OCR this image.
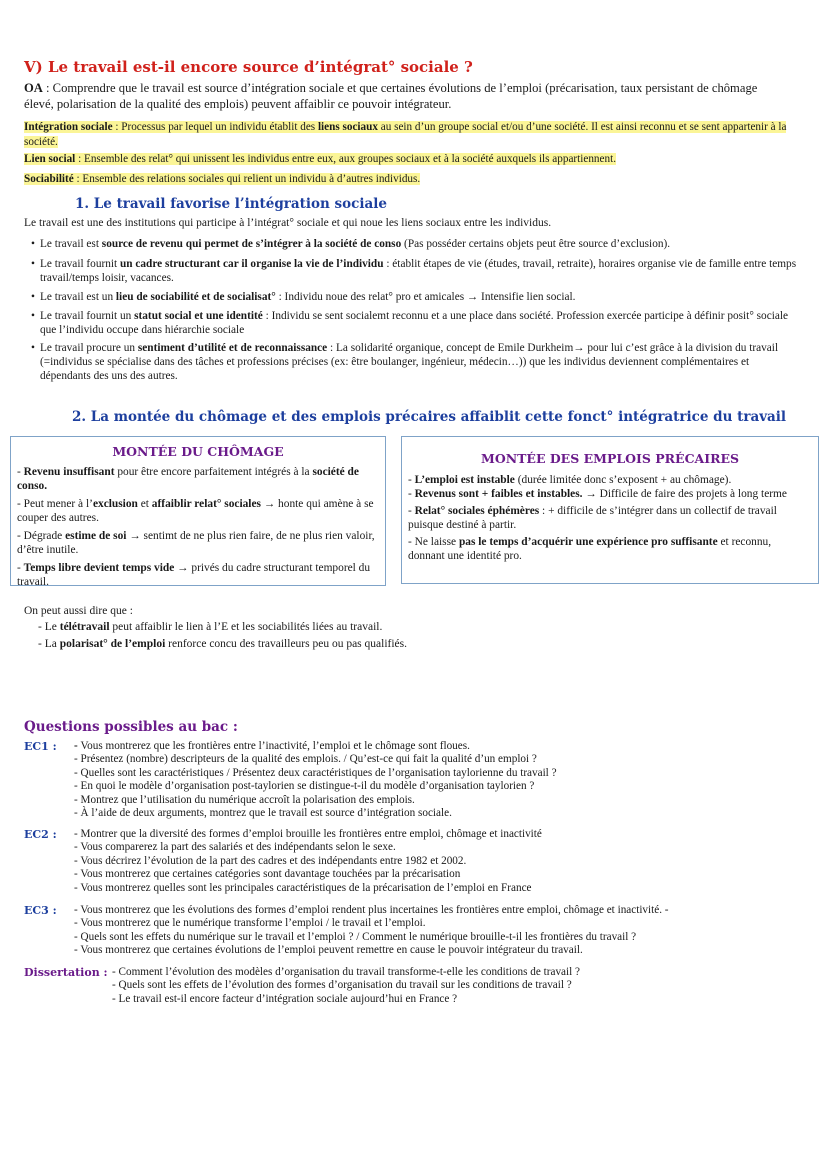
V) Le travail est-il encore source d’intégrat° sociale ?
OA : Comprendre que le travail est source d’intégration sociale et que certaines évolutions de l’emploi (précarisation, taux persistant de chômage élevé, polarisation de la qualité des emplois) peuvent affaiblir ce pouvoir intégrateur.
Intégration sociale : Processus par lequel un individu établit des liens sociaux au sein d’un groupe social et/ou d’une société. Il est ainsi reconnu et se sent appartenir à la société.
Lien social : Ensemble des relat° qui unissent les individus entre eux, aux groupes sociaux et à la société auxquels ils appartiennent.
Sociabilité : Ensemble des relations sociales qui relient un individu à d’autres individus.
1. Le travail favorise l’intégration sociale
Le travail est une des institutions qui participe à l’intégrat° sociale et qui noue les liens sociaux entre les individus.
• Le travail est source de revenu qui permet de s’intégrer à la société de conso (Pas posséder certains objets peut être source d’exclusion).
• Le travail fournit un cadre structurant car il organise la vie de l’individu : établit étapes de vie (études, travail, retraite), horaires organise vie de famille entre temps travail/temps loisir, vacances.
• Le travail est un lieu de sociabilité et de socialisat° : Individu noue des relat° pro et amicales → Intensifie lien social.
• Le travail fournit un statut social et une identité : Individu se sent socialemt reconnu et a une place dans société. Profession exercée participe à définir posit° sociale que l’individu occupe dans hiérarchie sociale
• Le travail procure un sentiment d’utilité et de reconnaissance : La solidarité organique, concept de Emile Durkheim→ pour lui c’est grâce à la division du travail (=individus se spécialise dans des tâches et professions précises (ex: être boulanger, ingénieur, médecin…)) que les individus deviennent complémentaires et dépendants des uns des autres.
2. La montée du chômage et des emplois précaires affaiblit cette fonct° intégratrice du travail
MONTÉE DU CHÔMAGE
- Revenu insuffisant pour être encore parfaitement intégrés à la société de conso.
- Peut mener à l’exclusion et affaiblir relat° sociales → honte qui amène à se couper des autres.
- Dégrade estime de soi → sentimt de ne plus rien faire, de ne plus rien valoir, d’être inutile.
- Temps libre devient temps vide → privés du cadre structurant temporel du travail.
MONTÉE DES EMPLOIS PRÉCAIRES
- L’emploi est instable (durée limitée donc s’exposent + au chômage).
- Revenus sont + faibles et instables. → Difficile de faire des projets à long terme
- Relat° sociales éphémères : + difficile de s’intégrer dans un collectif de travail puisque destiné à partir.
- Ne laisse pas le temps d’acquérir une expérience pro suffisante et reconnu, donnant une identité pro.
On peut aussi dire que :
- Le télétravail peut affaiblir le lien à l’E et les sociabilités liées au travail.
- La polarisat° de l’emploi renforce concu des travailleurs peu ou pas qualifiés.
Questions possibles au bac :
EC1 : - Vous montrerez que les frontières entre l’inactivité, l’emploi et le chômage sont floues.
- Présentez (nombre) descripteurs de la qualité des emplois. / Qu’est-ce qui fait la qualité d’un emploi ?
- Quelles sont les caractéristiques / Présentez deux caractéristiques de l’organisation taylorienne du travail ?
- En quoi le modèle d’organisation post-taylorien se distingue-t-il du modèle d’organisation taylorien ?
- Montrez que l’utilisation du numérique accroît la polarisation des emplois.
- À l’aide de deux arguments, montrez que le travail est source d’intégration sociale.
EC2 : - Montrer que la diversité des formes d’emploi brouille les frontières entre emploi, chômage et inactivité
- Vous comparerez la part des salariés et des indépendants selon le sexe.
- Vous décrirez l’évolution de la part des cadres et des indépendants entre 1982 et 2002.
- Vous montrerez que certaines catégories sont davantage touchées par la précarisation
- Vous montrerez quelles sont les principales caractéristiques de la précarisation de l’emploi en France
EC3 : - Vous montrerez que les évolutions des formes d’emploi rendent plus incertaines les frontières entre emploi, chômage et inactivité. -
- Vous montrerez que le numérique transforme l’emploi / le travail et l’emploi.
- Quels sont les effets du numérique sur le travail et l’emploi ? / Comment le numérique brouille-t-il les frontières du travail ?
- Vous montrerez que certaines évolutions de l’emploi peuvent remettre en cause le pouvoir intégrateur du travail.
Dissertation : - Comment l’évolution des modèles d’organisation du travail transforme-t-elle les conditions de travail ?
- Quels sont les effets de l’évolution des formes d’organisation du travail sur les conditions de travail ?
- Le travail est-il encore facteur d’intégration sociale aujourd’hui en France ?
